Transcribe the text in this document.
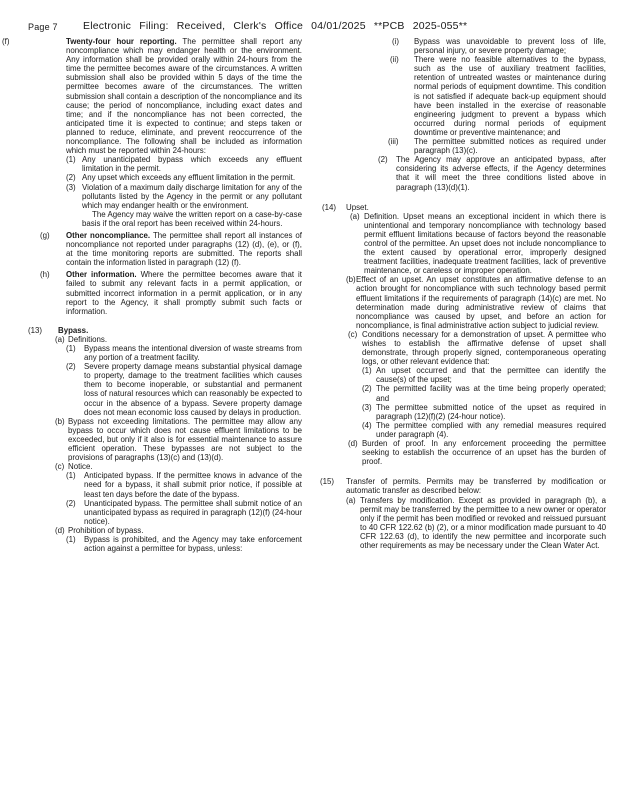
Page 7 Electronic Filing: Received, Clerk's Office 04/01/2025 **PCB 2025-055**
(f)	Twenty-four hour reporting. The permittee shall report any noncompliance which may endanger health or the environment. Any information shall be provided orally within 24-hours from the time the permittee becomes aware of the circumstances. A written submission shall also be provided within 5 days of the time the permittee becomes aware of the circumstances. The written submission shall contain a description of the noncompliance and its cause; the period of noncompliance, including exact dates and time; and if the noncompliance has not been corrected, the anticipated time it is expected to continue; and steps taken or planned to reduce, eliminate, and prevent reoccurrence of the noncompliance. The following shall be included as information which must be reported within 24-hours:
(1) Any unanticipated bypass which exceeds any effluent limitation in the permit.
(2) Any upset which exceeds any effluent limitation in the permit.
(3) Violation of a maximum daily discharge limitation for any of the pollutants listed by the Agency in the permit or any pollutant which may endanger health or the environment.
The Agency may waive the written report on a case-by-case basis if the oral report has been received within 24-hours.
(g) Other noncompliance. The permittee shall report all instances of noncompliance not reported under paragraphs (12) (d), (e), or (f), at the time monitoring reports are submitted. The reports shall contain the information listed in paragraph (12) (f).
(h) Other information. Where the permittee becomes aware that it failed to submit any relevant facts in a permit application, or submitted incorrect information in a permit application, or in any report to the Agency, it shall promptly submit such facts or information.
(13) Bypass.
(a) Definitions.
(1) Bypass means the intentional diversion of waste streams from any portion of a treatment facility.
(2) Severe property damage means substantial physical damage to property, damage to the treatment facilities which causes them to become inoperable, or substantial and permanent loss of natural resources which can reasonably be expected to occur in the absence of a bypass. Severe property damage does not mean economic loss caused by delays in production.
(b) Bypass not exceeding limitations. The permittee may allow any bypass to occur which does not cause effluent limitations to be exceeded, but only if it also is for essential maintenance to assure efficient operation. These bypasses are not subject to the provisions of paragraphs (13)(c) and (13)(d).
(c) Notice.
(1) Anticipated bypass. If the permittee knows in advance of the need for a bypass, it shall submit prior notice, if possible at least ten days before the date of the bypass.
(2) Unanticipated bypass. The permittee shall submit notice of an unanticipated bypass as required in paragraph (12)(f) (24-hour notice).
(d) Prohibition of bypass.
(1) Bypass is prohibited, and the Agency may take enforcement action against a permittee for bypass, unless:
(i) Bypass was unavoidable to prevent loss of life, personal injury, or severe property damage;
(ii) There were no feasible alternatives to the bypass, such as the use of auxiliary treatment facilities, retention of untreated wastes or maintenance during normal periods of equipment downtime. This condition is not satisfied if adequate back-up equipment should have been installed in the exercise of reasonable engineering judgment to prevent a bypass which occurred during normal periods of equipment downtime or preventive maintenance; and
(iii) The permittee submitted notices as required under paragraph (13)(c).
(2) The Agency may approve an anticipated bypass, after considering its adverse effects, if the Agency determines that it will meet the three conditions listed above in paragraph (13)(d)(1).
(14) Upset.
(a) Definition. Upset means an exceptional incident in which there is unintentional and temporary noncompliance with technology based permit effluent limitations because of factors beyond the reasonable control of the permittee. An upset does not include noncompliance to the extent caused by operational error, improperly designed treatment facilities, inadequate treatment facilities, lack of preventive maintenance, or careless or improper operation.
(b) Effect of an upset. An upset constitutes an affirmative defense to an action brought for noncompliance with such technology based permit effluent limitations if the requirements of paragraph (14)(c) are met. No determination made during administrative review of claims that noncompliance was caused by upset, and before an action for noncompliance, is final administrative action subject to judicial review.
(c) Conditions necessary for a demonstration of upset. A permittee who wishes to establish the affirmative defense of upset shall demonstrate, through properly signed, contemporaneous operating logs, or other relevant evidence that:
(1) An upset occurred and that the permittee can identify the cause(s) of the upset;
(2) The permitted facility was at the time being properly operated; and
(3) The permittee submitted notice of the upset as required in paragraph (12)(f)(2) (24-hour notice).
(4) The permittee complied with any remedial measures required under paragraph (4).
(d) Burden of proof. In any enforcement proceeding the permittee seeking to establish the occurrence of an upset has the burden of proof.
(15) Transfer of permits. Permits may be transferred by modification or automatic transfer as described below:
(a) Transfers by modification. Except as provided in paragraph (b), a permit may be transferred by the permittee to a new owner or operator only if the permit has been modified or revoked and reissued pursuant to 40 CFR 122.62 (b) (2), or a minor modification made pursuant to 40 CFR 122.63 (d), to identify the new permittee and incorporate such other requirements as may be necessary under the Clean Water Act.
